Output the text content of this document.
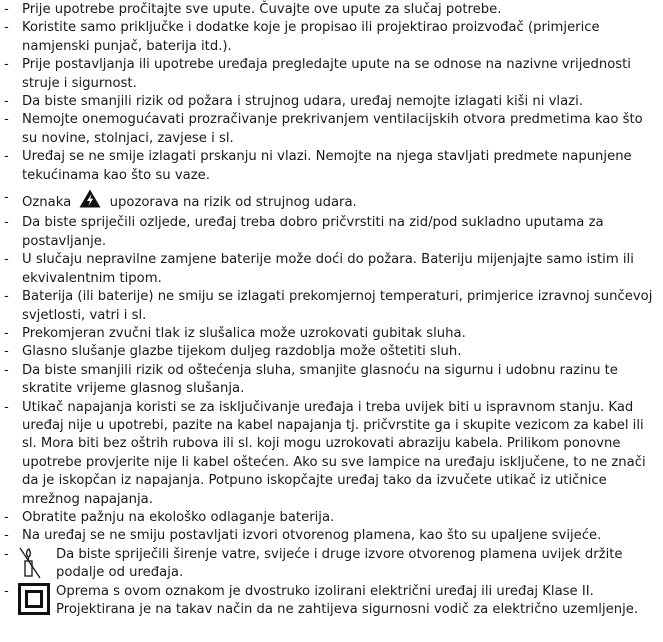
- Prije upotrebe pročitajte sve upute. Čuvajte ove upute za slučaj potrebe.
- Koristite samo priključke i dodatke koje je propisao ili projektirao proizvođač (primjerice namjenski punjač, baterija itd.).
- Prije postavljanja ili upotrebe uređaja pregledajte upute na se odnose na nazivne vrijednosti struje i sigurnost.
- Da biste smanjili rizik od požara i strujnog udara, uređaj nemojte izlagati kiši ni vlazi.
- Nemojte onemogućavati prozračivanje prekrivanjem ventilacijskih otvora predmetima kao što su novine, stolnjaci, zavjese i sl.
- Uređaj se ne smije izlagati prskanju ni vlazi. Nemojte na njega stavljati predmete napunjene tekućinama kao što su vaze.
- Oznaka	upozorava na rizik od strujnog udara.
- Da biste spriječili ozljede, uređaj treba dobro pričvrstiti na zid/pod sukladno uputama za postavljanje.
- U slučaju nepravilne zamjene baterije može doći do požara. Bateriju mijenjajte samo istim ili ekvivalentnim tipom.
- Baterija (ili baterije) ne smiju se izlagati prekomjernoj temperaturi, primjerice izravnoj sunčevoj svjetlosti, vatri i sl.
- Prekomjeran zvučni tlak iz slušalica može uzrokovati gubitak sluha.
- Glasno slušanje glazbe tijekom duljeg razdoblja može oštetiti sluh.
- Da biste smanjili rizik od oštećenja sluha, smanjite glasnoću na sigurnu i udobnu razinu te skratite vrijeme glasnog slušanja.
- Utikač napajanja koristi se za isključivanje uređaja i treba uvijek biti u ispravnom stanju. Kad uređaj nije u upotrebi, pazite na kabel napajanja tj. pričvrstite ga i skupite vezicom za kabel ili sl. Mora biti bez oštrih rubova ili sl. koji mogu uzrokovati abraziju kabela. Prilikom ponovne upotrebe provjerite nije li kabel oštećen. Ako su sve lampice na uređaju isključene, to ne znači da je iskopčan iz napajanja. Potpuno iskopčajte uređaj tako da izvučete utikač iz utičnice mrežnog napajanja.
- Obratite pažnju na ekološko odlaganje baterija.
- Na uređaj se ne smiju postavljati izvori otvorenog plamena, kao što su upaljene svijeće.
- Da biste spriječili širenje vatre, svijeće i druge izvore otvorenog plamena uvijek držite podalje od uređaja.
- Oprema s ovom oznakom je dvostruko izolirani električni uređaj ili uređaj Klase II. Projektirana je na takav način da ne zahtijeva sigurnosni vodič za električno uzemljenje.
